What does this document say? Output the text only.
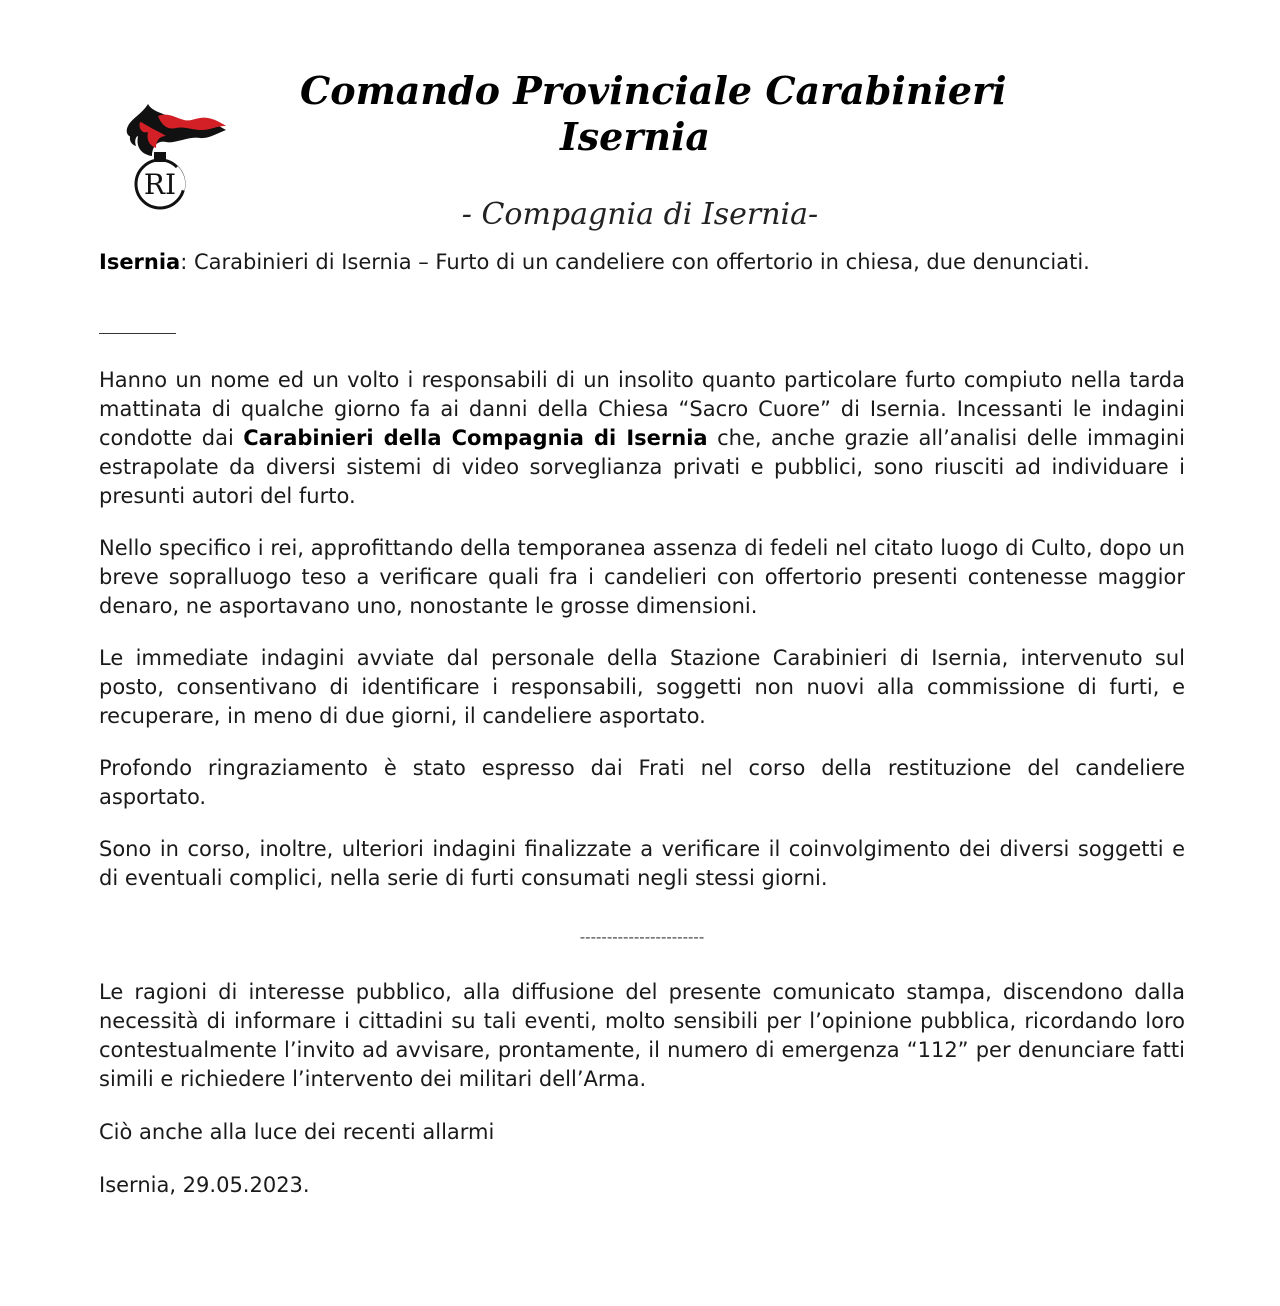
RI
Comando Provinciale Carabinieri
Isernia
- Compagnia di Isernia-

Isernia: Carabinieri di Isernia – Furto di un candeliere con offertorio in chiesa, due denunciati.

Hanno un nome ed un volto i responsabili di un insolito quanto particolare furto compiuto nella tarda mattinata di qualche giorno fa ai danni della Chiesa “Sacro Cuore” di Isernia. Incessanti le indagini condotte dai Carabinieri della Compagnia di Isernia che, anche grazie all’analisi delle immagini estrapolate da diversi sistemi di video sorveglianza privati e pubblici, sono riusciti ad individuare i presunti autori del furto.

Nello specifico i rei, approfittando della temporanea assenza di fedeli nel citato luogo di Culto, dopo un breve sopralluogo teso a verificare quali fra i candelieri con offertorio presenti contenesse maggior denaro, ne asportavano uno, nonostante le grosse dimensioni.

Le immediate indagini avviate dal personale della Stazione Carabinieri di Isernia, intervenuto sul posto, consentivano di identificare i responsabili, soggetti non nuovi alla commissione di furti, e recuperare, in meno di due giorni, il candeliere asportato.

Profondo ringraziamento è stato espresso dai Frati nel corso della restituzione del candeliere asportato.

Sono in corso, inoltre, ulteriori indagini finalizzate a verificare il coinvolgimento dei diversi soggetti e di eventuali complici, nella serie di furti consumati negli stessi giorni.

-----------------------

Le ragioni di interesse pubblico, alla diffusione del presente comunicato stampa, discendono dalla necessità di informare i cittadini su tali eventi, molto sensibili per l’opinione pubblica, ricordando loro contestualmente l’invito ad avvisare, prontamente, il numero di emergenza “112” per denunciare fatti simili e richiedere l’intervento dei militari dell’Arma.

Ciò anche alla luce dei recenti allarmi

Isernia, 29.05.2023.
